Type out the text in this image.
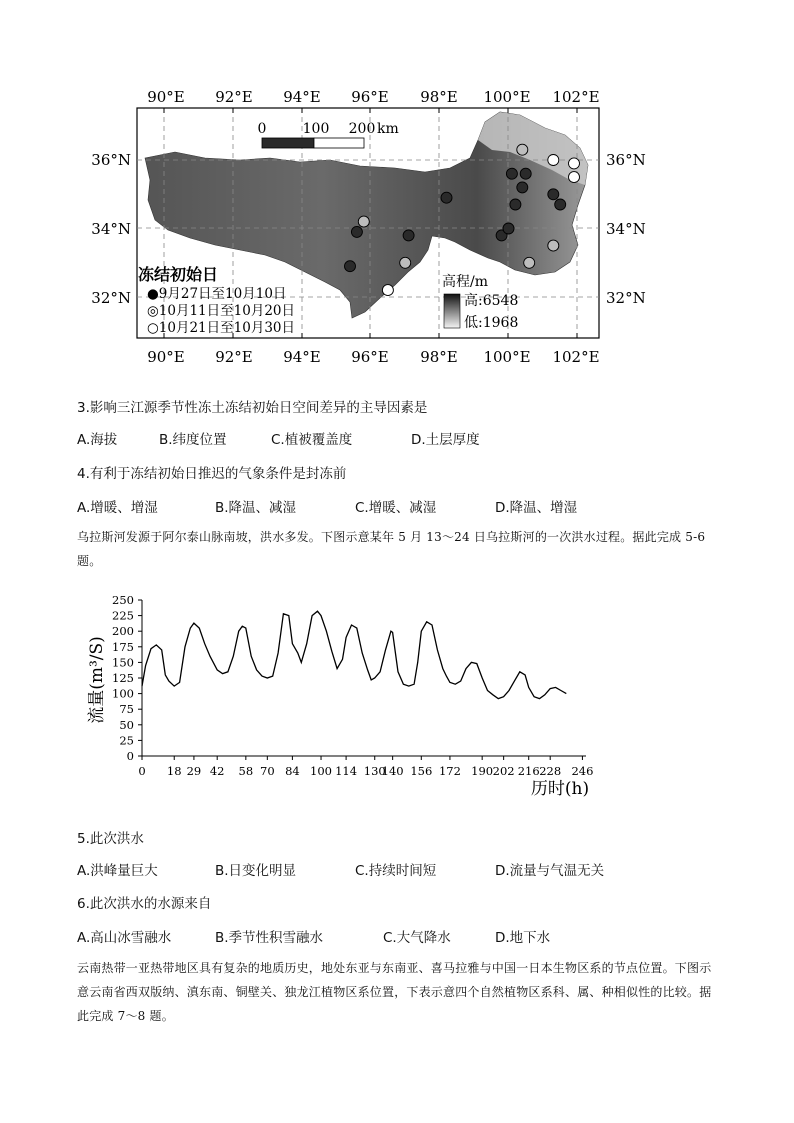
90°E 92°E 94°E 96°E 98°E 100°E 102°E
90°E 92°E 94°E 96°E 98°E 100°E 102°E
36°N
34°N
32°N
36°N
34°N
32°N
0	100 200 km
冻结初始日
●9月27日至10月10日
◎10月11日至10月20日
○10月21日至10月30日
高程/m
高:6548
低:1968
3.影响三江源季节性冻土冻结初始日空间差异的主导因素是
A.海拔	B.纬度位置	C.植被覆盖度	D.土层厚度
4.有利于冻结初始日推迟的气象条件是封冻前
A.增暖、增湿	B.降温、减湿	C.增暖、减湿	D.降温、增湿
乌拉斯河发源于阿尔泰山脉南坡，洪水多发。下图示意某年 5 月 13～24 日乌拉斯河的一次洪水过程。据此完成 5-6 题。
流量(m³/S)
历时(h)
0
25
50
75
100
125
150
175
200
225
250
0 18 29 42 58 70 84 100 114 130
140 156 172 190 202 216 228 246
5.此次洪水
A.洪峰量巨大	B.日变化明显	C.持续时间短	D.流量与气温无关
6.此次洪水的水源来自
A.高山冰雪融水	B.季节性积雪融水	C.大气降水	D.地下水
云南热带一亚热带地区具有复杂的地质历史，地处东亚与东南亚、喜马拉雅与中国一日本生物区系的节点位置。下图示意云南省西双版纳、滇东南、铜壁关、独龙江植物区系位置，下表示意四个自然植物区系科、属、种相似性的比较。据此完成 7～8 题。
